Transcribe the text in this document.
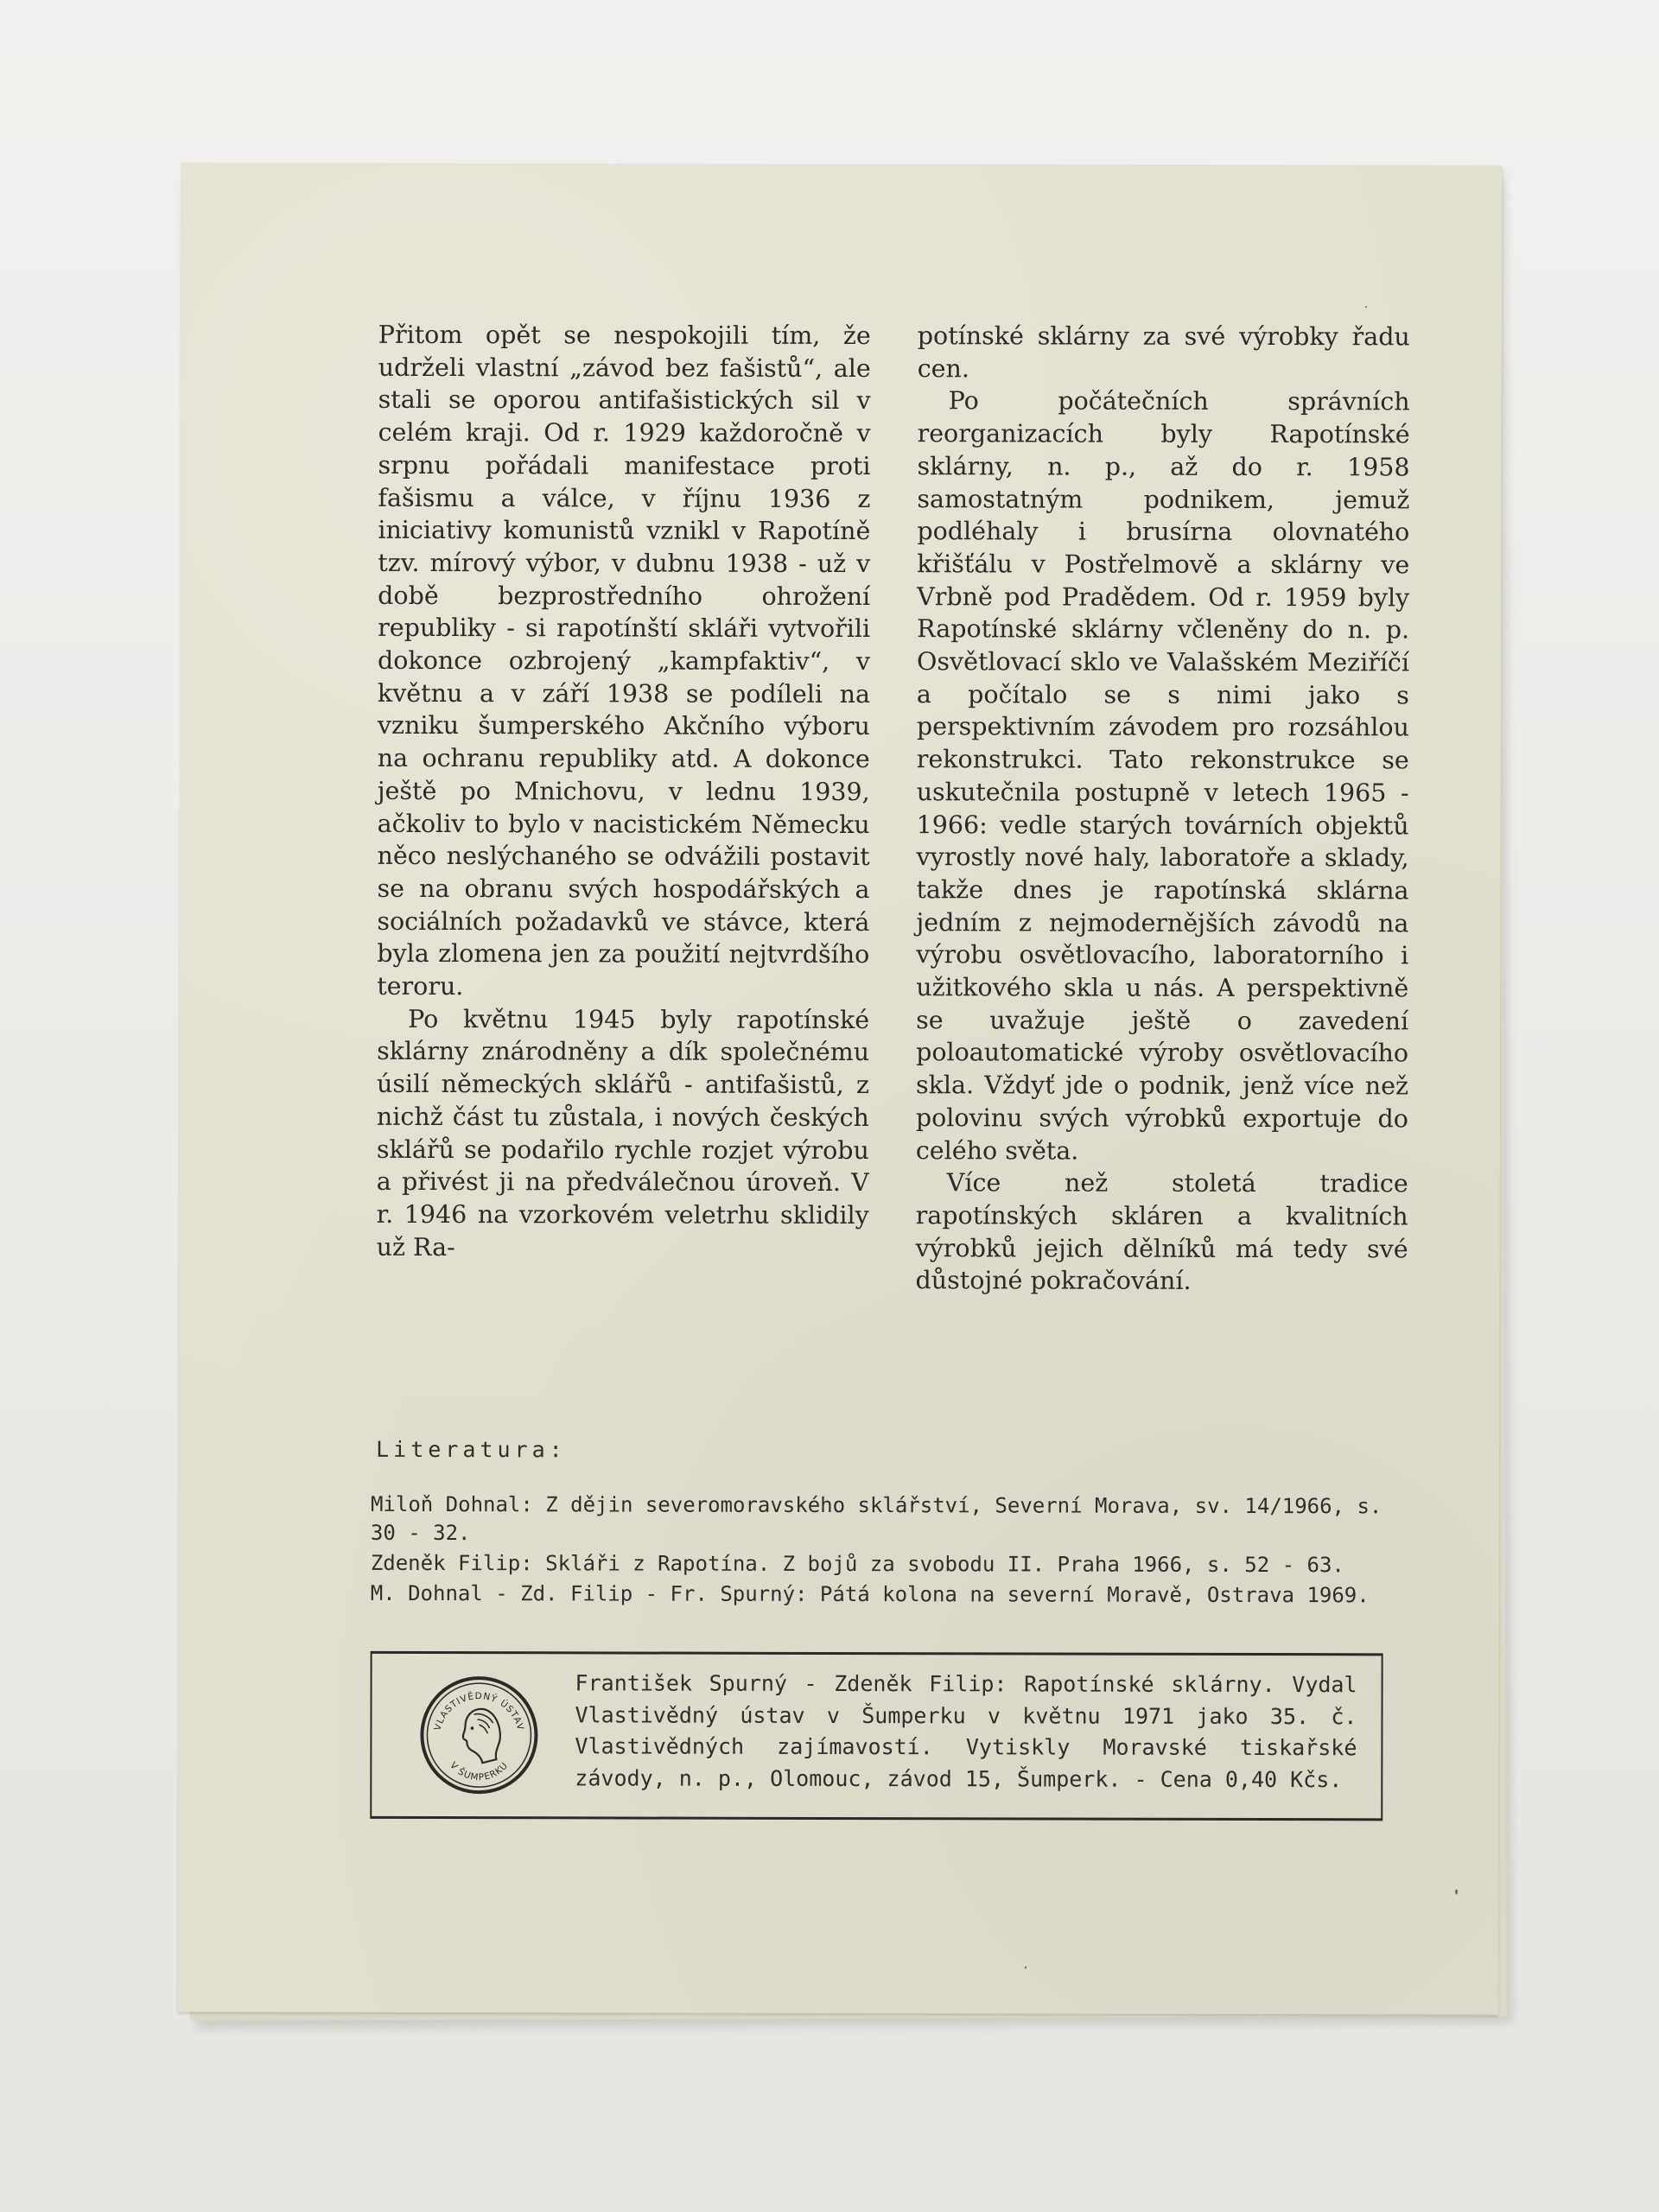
Přitom opět se nespokojili tím, že udrželi vlastní „závod bez fašistů“, ale stali se oporou antifašistických sil v celém kraji. Od r. 1929 každoročně v srpnu pořádali manifestace proti fašismu a válce, v říjnu 1936 z iniciativy komunistů vznikl v Rapotíně tzv. mírový výbor, v dubnu 1938 - už v době bezprostředního ohrožení republiky - si rapotínští skláři vytvořili dokonce ozbrojený „kampfaktiv“, v květnu a v září 1938 se podíleli na vzniku šumperského Akčního výboru na ochranu republiky atd. A dokonce ještě po Mnichovu, v lednu 1939, ačkoliv to bylo v nacistickém Německu něco neslýchaného se odvážili postavit se na obranu svých hospodářských a sociálních požadavků ve stávce, která byla zlomena jen za použití nejtvrdšího teroru.

Po květnu 1945 byly rapotínské sklárny znárodněny a dík společnému úsilí německých sklářů - antifašistů, z nichž část tu zůstala, i nových českých sklářů se podařilo rychle rozjet výrobu a přivést ji na předválečnou úroveň. V r. 1946 na vzorkovém veletrhu sklidily už Ra-

potínské sklárny za své výrobky řadu cen.

Po počátečních správních reorganizacích byly Rapotínské sklárny, n. p., až do r. 1958 samostatným podnikem, jemuž podléhaly i brusírna olovnatého křišťálu v Postřelmově a sklárny ve Vrbně pod Pradědem. Od r. 1959 byly Rapotínské sklárny včleněny do n. p. Osvětlovací sklo ve Valašském Meziříčí a počítalo se s nimi jako s perspektivním závodem pro rozsáhlou rekonstrukci. Tato rekonstrukce se uskutečnila postupně v letech 1965 - 1966: vedle starých továrních objektů vyrostly nové haly, laboratoře a sklady, takže dnes je rapotínská sklárna jedním z nejmodernějších závodů na výrobu osvětlovacího, laboratorního i užitkového skla u nás. A perspektivně se uvažuje ještě o zavedení poloautomatické výroby osvětlovacího skla. Vždyť jde o podnik, jenž více než polovinu svých výrobků exportuje do celého světa.

Více než stoletá tradice rapotínských skláren a kvalitních výrobků jejich dělníků má tedy své důstojné pokračování.

Literatura:
Miloň Dohnal: Z dějin severomoravského sklářství, Severní Morava, sv. 14/1966, s. 30 - 32.
Zdeněk Filip: Skláři z Rapotína. Z bojů za svobodu II. Praha 1966, s. 52 - 63.
M. Dohnal - Zd. Filip - Fr. Spurný: Pátá kolona na severní Moravě, Ostrava 1969.
VLASTIVĚDNÝ ÚSTAV
V ŠUMPERKU
František Spurný - Zdeněk Filip: Rapotínské sklárny. Vydal Vlastivědný ústav v Šumperku v květnu 1971 jako 35. č. Vlastivědných zajímavostí. Vytiskly Moravské tiskařské závody, n. p., Olomouc, závod 15, Šumperk. - Cena 0,40 Kčs.
